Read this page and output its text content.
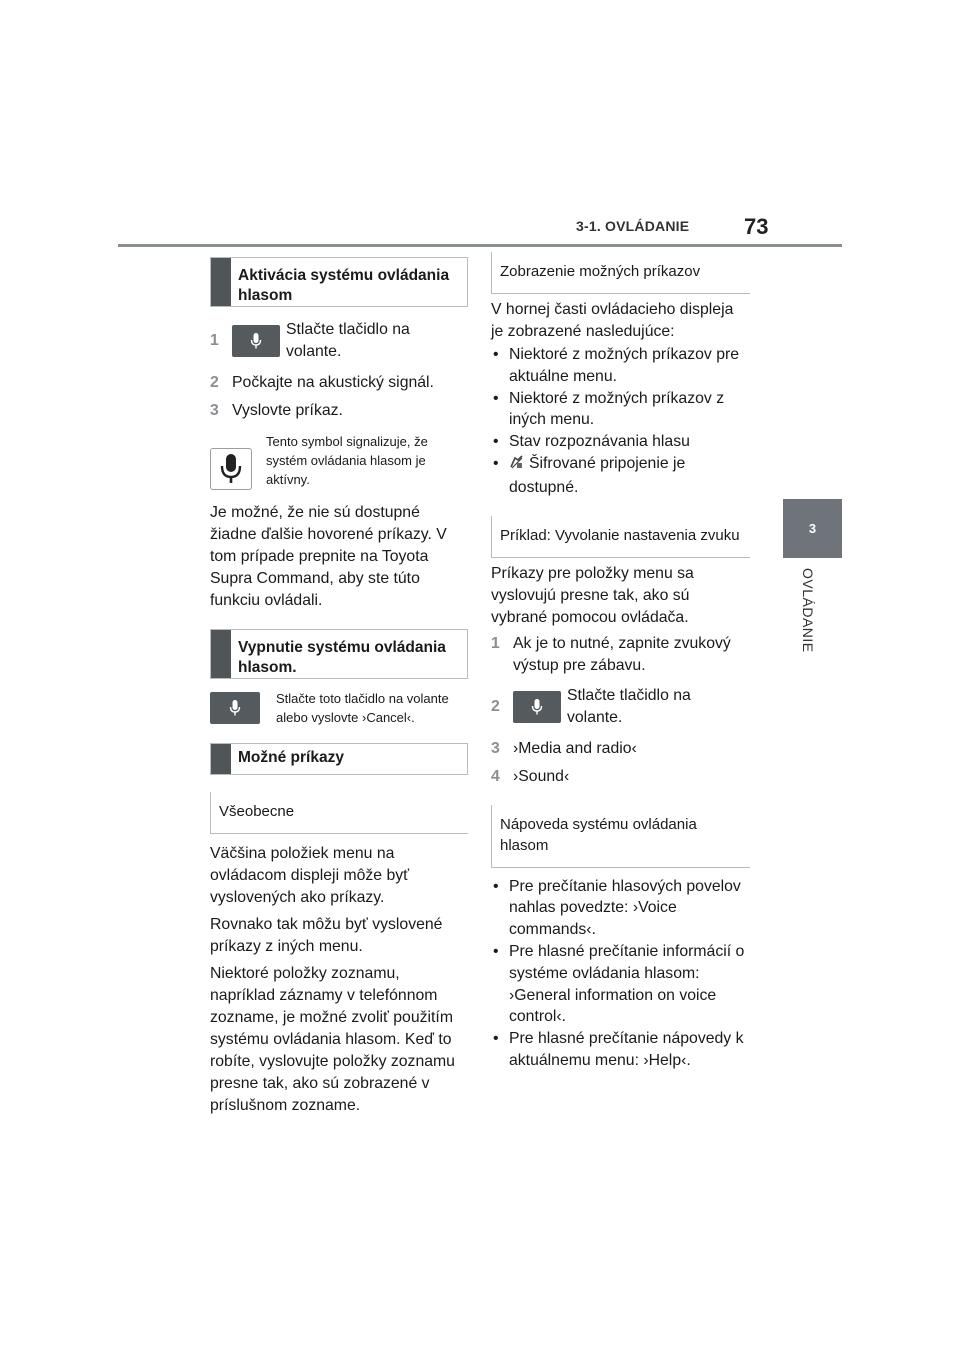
3-1. OVLÁDANIE 73
3
OVLÁDANIE
Aktivácia systému ovládania hlasom
1
Stlačte tlačidlo na volante.
2 Počkajte na akustický signál.
3 Vyslovte príkaz.
Tento symbol signalizuje, že systém ovládania hlasom je aktívny.

Je možné, že nie sú dostupné žiadne ďalšie hovorené príkazy. V tom prípade prepnite na Toyota Supra Command, aby ste túto funkciu ovládali.

Vypnutie systému ovládania hlasom.
Stlačte toto tlačidlo na volante alebo vyslovte ›Cancel‹.
Možné príkazy
Všeobecne

Väčšina položiek menu na ovládacom displeji môže byť vyslovených ako príkazy.

Rovnako tak môžu byť vyslovené príkazy z iných menu.

Niektoré položky zoznamu, napríklad záznamy v telefónnom zozname, je možné zvoliť použitím systému ovládania hlasom. Keď to robíte, vyslovujte položky zoznamu presne tak, ako sú zobrazené v príslušnom zozname.

Zobrazenie možných príkazov

V hornej časti ovládacieho displeja je zobrazené nasledujúce:

• Niektoré z možných príkazov pre aktuálne menu.
• Niektoré z možných príkazov z iných menu.
• Stav rozpoznávania hlasu
• Šifrované pripojenie je dostupné.
Príklad: Vyvolanie nastavenia zvuku

Príkazy pre položky menu sa vyslovujú presne tak, ako sú vybrané pomocou ovládača.

1 Ak je to nutné, zapnite zvukový výstup pre zábavu.
2
Stlačte tlačidlo na volante.
3 ›Media and radio‹
4 ›Sound‹
Nápoveda systému ovládania hlasom
• Pre prečítanie hlasových povelov nahlas povedzte: ›Voice commands‹.
• Pre hlasné prečítanie informácií o systéme ovládania hlasom: ›General information on voice control‹.
• Pre hlasné prečítanie nápovedy k aktuálnemu menu: ›Help‹.
